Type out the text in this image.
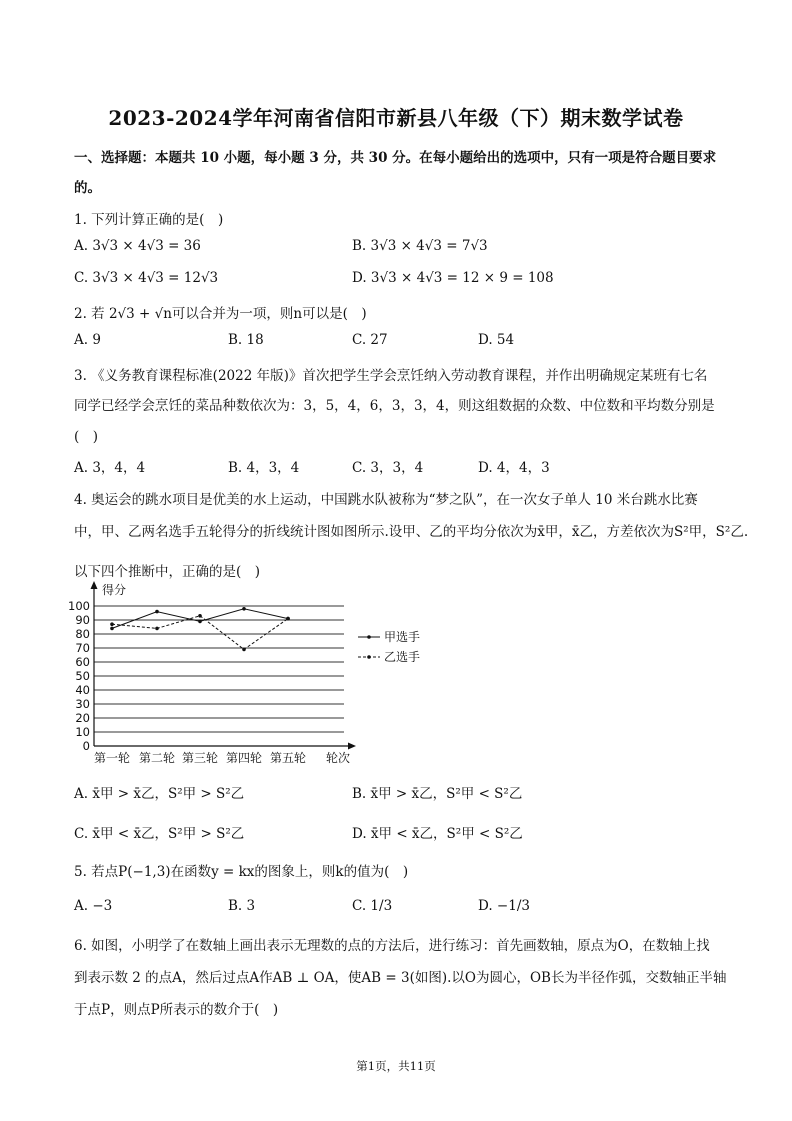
2023-2024学年河南省信阳市新县八年级（下）期末数学试卷
一、选择题：本题共 10 小题，每小题 3 分，共 30 分。在每小题给出的选项中，只有一项是符合题目要求
的。
1. 下列计算正确的是(　)
A. 3√3 × 4√3 = 36	B. 3√3 × 4√3 = 7√3
C. 3√3 × 4√3 = 12√3	D. 3√3 × 4√3 = 12 × 9 = 108
2. 若 2√3 + √n可以合并为一项，则n可以是(　)
A. 9	B. 18	C. 27	D. 54
3. 《义务教育课程标准(2022 年版)》首次把学生学会烹饪纳入劳动教育课程，并作出明确规定某班有七名
同学已经学会烹饪的菜品种数依次为：3，5，4，6，3，3，4，则这组数据的众数、中位数和平均数分别是
(　)
A. 3，4，4	B. 4，3，4	C. 3，3，4	D. 4，4，3
4. 奥运会的跳水项目是优美的水上运动，中国跳水队被称为“梦之队”，在一次女子单人 10 米台跳水比赛
中，甲、乙两名选手五轮得分的折线统计图如图所示.设甲、乙的平均分依次为x̄甲，x̄乙，方差依次为S²甲，S²乙.
以下四个推断中，正确的是(　)
0
10
20
30
40
50
60
70
80
90
100
得分
轮次
第一轮 第二轮 第三轮 第四轮 第五轮
甲选手
乙选手
A. x̄甲 > x̄乙，S²甲 > S²乙	B. x̄甲 > x̄乙，S²甲 < S²乙
C. x̄甲 < x̄乙，S²甲 > S²乙	D. x̄甲 < x̄乙，S²甲 < S²乙
5. 若点P(−1,3)在函数y = kx的图象上，则k的值为(　)
A. −3	B. 3	C. 1/3	D. −1/3
6. 如图，小明学了在数轴上画出表示无理数的点的方法后，进行练习：首先画数轴，原点为O，在数轴上找
到表示数 2 的点A，然后过点A作AB ⊥ OA，使AB = 3(如图).以O为圆心，OB长为半径作弧，交数轴正半轴
于点P，则点P所表示的数介于(　)
第1页，共11页
